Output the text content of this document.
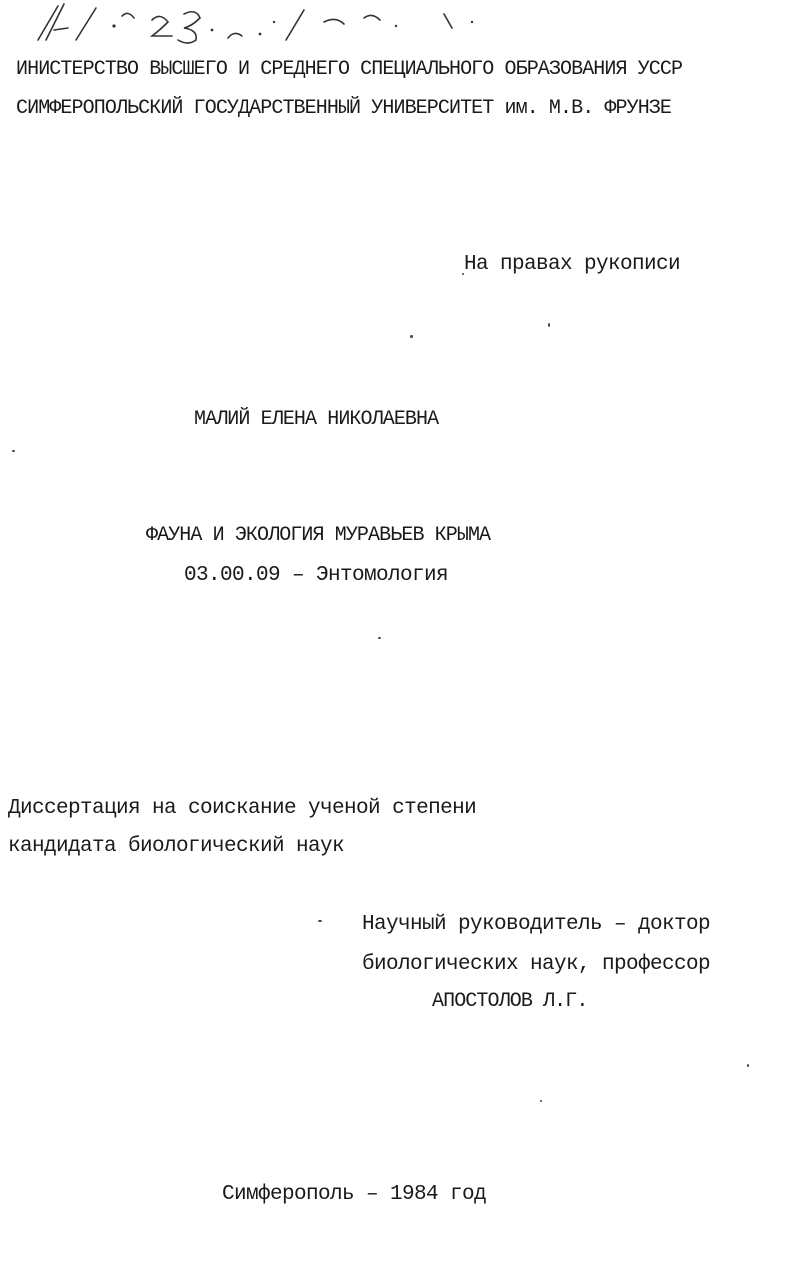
ИНИСТЕРСТВО ВЫСШЕГО И СРЕДНЕГО СПЕЦИАЛЬНОГО ОБРАЗОВАНИЯ УССР
СИМФЕРОПОЛЬСКИЙ ГОСУДАРСТВЕННЫЙ УНИВЕРСИТЕТ им. М.В. ФРУНЗЕ
На правах рукописи
МАЛИЙ ЕЛЕНА НИКОЛАЕВНА
ФАУНА И ЭКОЛОГИЯ МУРАВЬЕВ КРЫМА
03.00.09 – Энтомология
Диссертация на соискание ученой степени
кандидата биологический наук
Научный руководитель – доктор
биологических наук, профессор
АПОСТОЛОВ Л.Г.
Симферополь – 1984 год
